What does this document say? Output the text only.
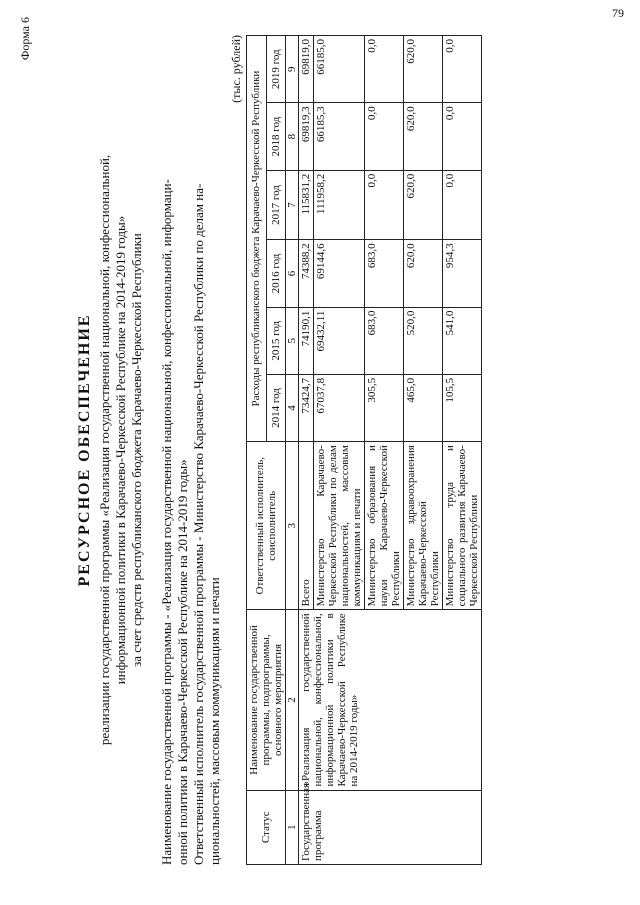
79
Форма 6
РЕСУРСНОЕ ОБЕСПЕЧЕНИЕ реализации государственной программы «Реализация государственной национальной, конфессиональной, информационной политики в Карачаево-Черкесской Республике на 2014-2019 годы» за счет средств республиканского бюджета Карачаево-Черкесской Республики Наименование государственной программы - «Реализация государственной национальной, конфессиональной, информаци- онной политики в Карачаево-Черкесской Республике на 2014-2019 годы» Ответственный исполнитель государственной программы - Министерство Карачаево-Черкесской Республики по делам на- циональностей, массовым коммуникациям и печати
(тыс. рублей)
Статус	Наименование государственной программы, подпрограммы, основного мероприятия	Ответственный исполнитель, соисполнитель	Расходы республиканского бюджета Карачаево-Черкесской Республики					
			2014 год	2015 год	2016 год	2017 год	2018 год	2019 год
1	2	3	4	5	6	7	8	9
Государственная программа	«Реализация государственной национальной, конфессиональной, информационной политики в Карачаево-Черкесской Республике на 2014-2019 годы»	Всего	73424,7	74190,1	74388,2	115831,2	69819,3	69819,0
		Министерство Карачаево-Черкесской Республики по делам национальностей, массовым коммуникациям и печати	67037,8	69432,11	69144,6	111958,2	66185,3	66185,0
		Министерство образования и науки Карачаево-Черкесской Республики	305,5	683,0	683,0	0,0	0,0	0,0
		Министерство здравоохранения Карачаево-Черкесской Республики	465,0	520,0	620,0	620,0	620,0	620,0
		Министерство труда и социального развития Карачаево-Черкесской Республики	105,5	541,0	954,3	0,0	0,0	0,0
